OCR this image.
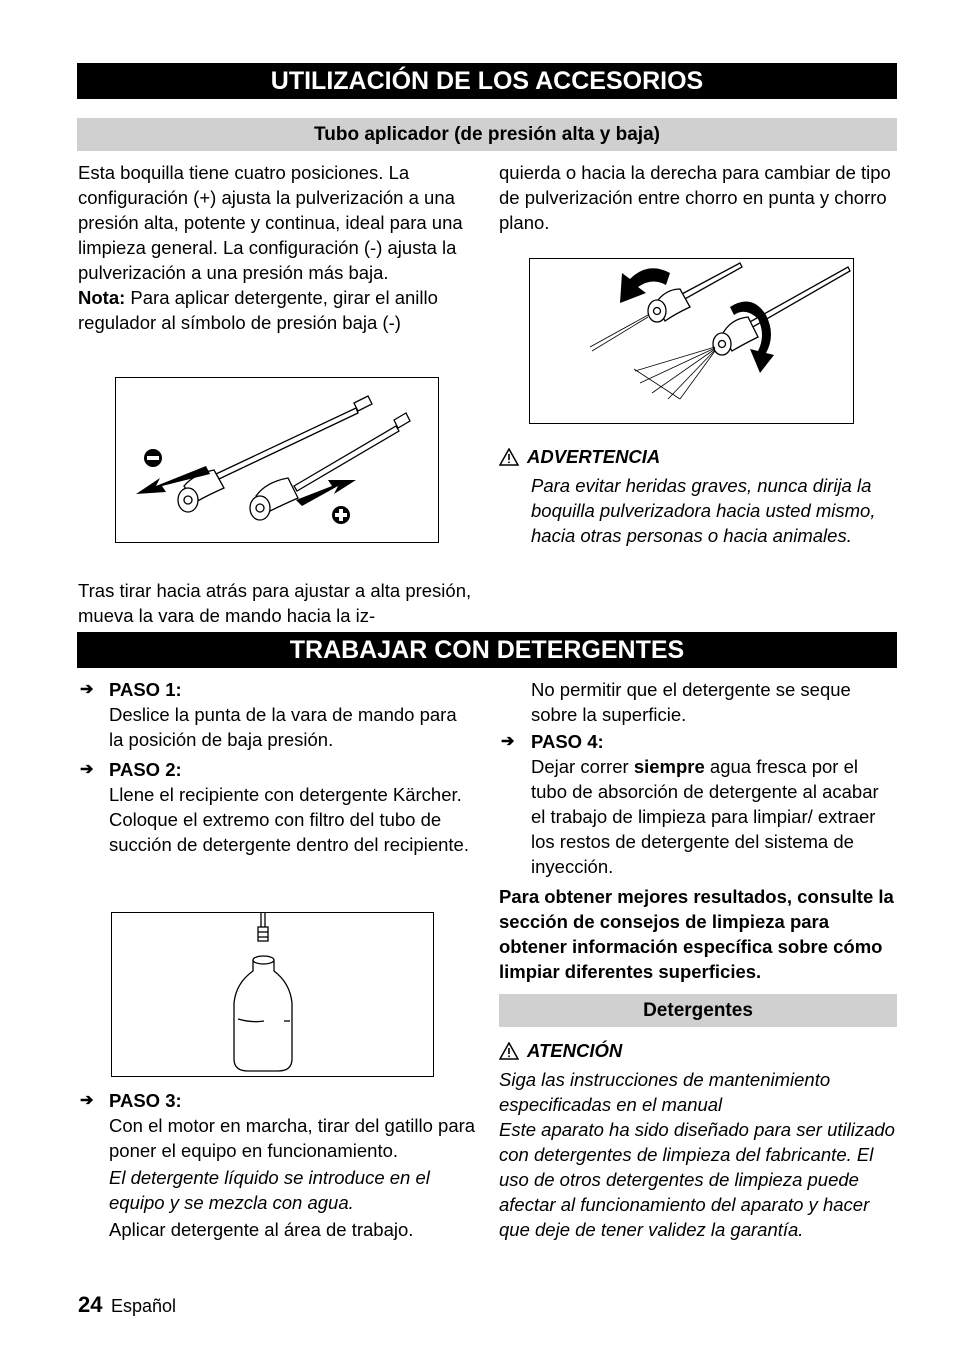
UTILIZACIÓN DE LOS ACCESORIOS
Tubo aplicador (de presión alta y baja)

Esta boquilla tiene cuatro posiciones. La configuración (+) ajusta la pulverización a una presión alta, potente y continua, ideal para una limpieza general. La configuración (-) ajusta la pulverización a una presión más baja.

Nota: Para aplicar detergente, girar el anillo regulador al símbolo de presión baja (-)

Tras tirar hacia atrás para ajustar a alta presión, mueva la vara de mando hacia la iz-
quierda o hacia la derecha para cambiar de tipo de pulverización entre chorro en punta y chorro plano.
ADVERTENCIA
Para evitar heridas graves, nunca dirija la boquilla pulverizadora hacia usted mismo, hacia otras personas o hacia animales.
TRABAJAR CON DETERGENTES
➔ PASO 1:
Deslice la punta de la vara de mando para la posición de baja presión.
➔ PASO 2:
Llene el recipiente con detergente Kärcher. Coloque el extremo con filtro del tubo de succión de detergente dentro del recipiente.
➔ PASO 3:
Con el motor en marcha, tirar del gatillo para poner el equipo en funcionamiento.
El detergente líquido se introduce en el equipo y se mezcla con agua.
Aplicar detergente al área de trabajo.
No permitir que el detergente se seque sobre la superficie.
➔ PASO 4:
Dejar correr siempre agua fresca por el tubo de absorción de detergente al acabar el trabajo de limpieza para limpiar/ extraer los restos de detergente del sistema de inyección.
Para obtener mejores resultados, consulte la sección de consejos de limpieza para obtener información específica sobre cómo limpiar diferentes superficies.
Detergentes
ATENCIÓN
Siga las instrucciones de mantenimiento especificadas en el manual
Este aparato ha sido diseñado para ser utilizado con detergentes de limpieza del fabricante. El uso de otros detergentes de limpieza puede afectar al funcionamiento del aparato y hacer que deje de tener validez la garantía.
24 Español
